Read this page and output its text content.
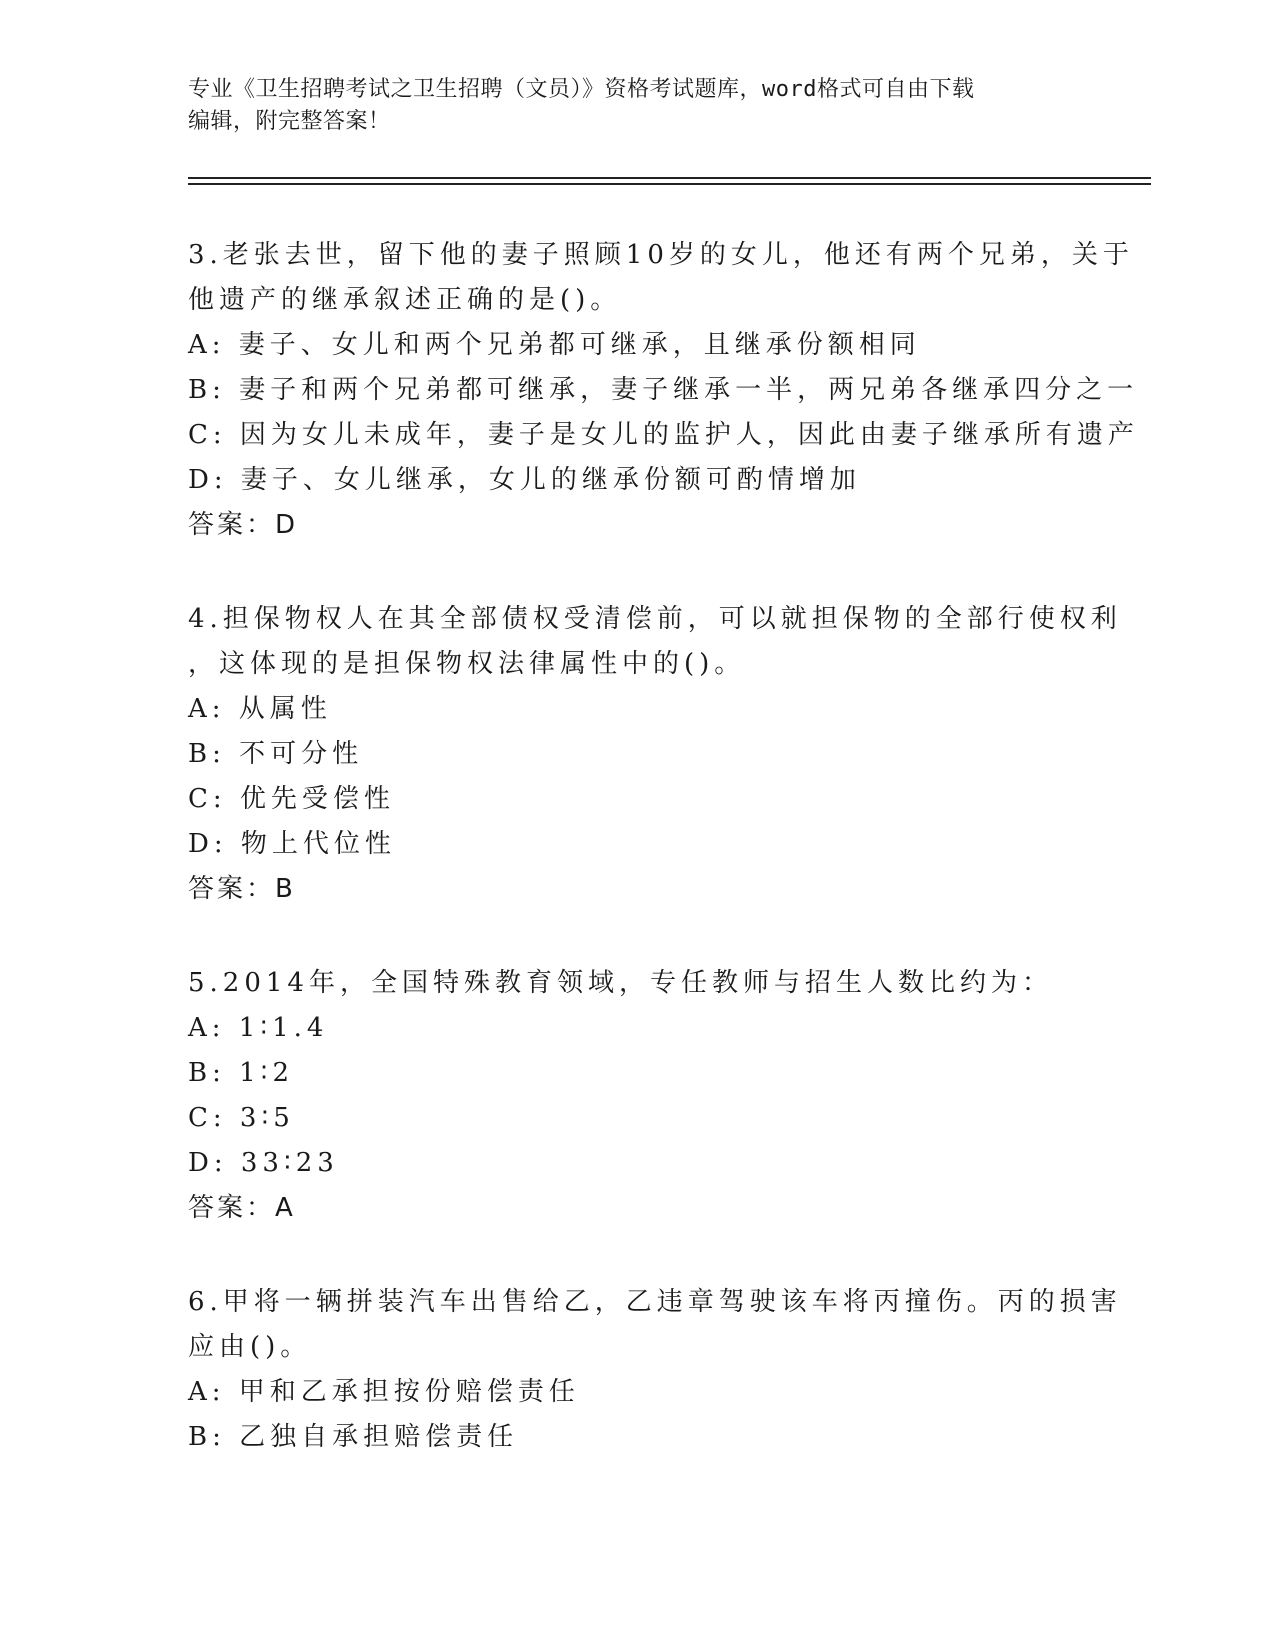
专业《卫生招聘考试之卫生招聘（文员）》资格考试题库，word格式可自由下载
编辑，附完整答案！
3.老张去世，留下他的妻子照顾10岁的女儿，他还有两个兄弟，关于
他遗产的继承叙述正确的是()。
A: 妻子、女儿和两个兄弟都可继承，且继承份额相同
B: 妻子和两个兄弟都可继承，妻子继承一半，两兄弟各继承四分之一
C: 因为女儿未成年，妻子是女儿的监护人，因此由妻子继承所有遗产
D: 妻子、女儿继承，女儿的继承份额可酌情增加
答案：D
4.担保物权人在其全部债权受清偿前，可以就担保物的全部行使权利
，这体现的是担保物权法律属性中的()。
A: 从属性
B: 不可分性
C: 优先受偿性
D: 物上代位性
答案：B
5.2014年，全国特殊教育领域，专任教师与招生人数比约为：
A: 1∶1.4
B: 1∶2
C: 3∶5
D: 33∶23
答案：A
6.甲将一辆拼装汽车出售给乙，乙违章驾驶该车将丙撞伤。丙的损害
应由()。
A: 甲和乙承担按份赔偿责任
B: 乙独自承担赔偿责任
